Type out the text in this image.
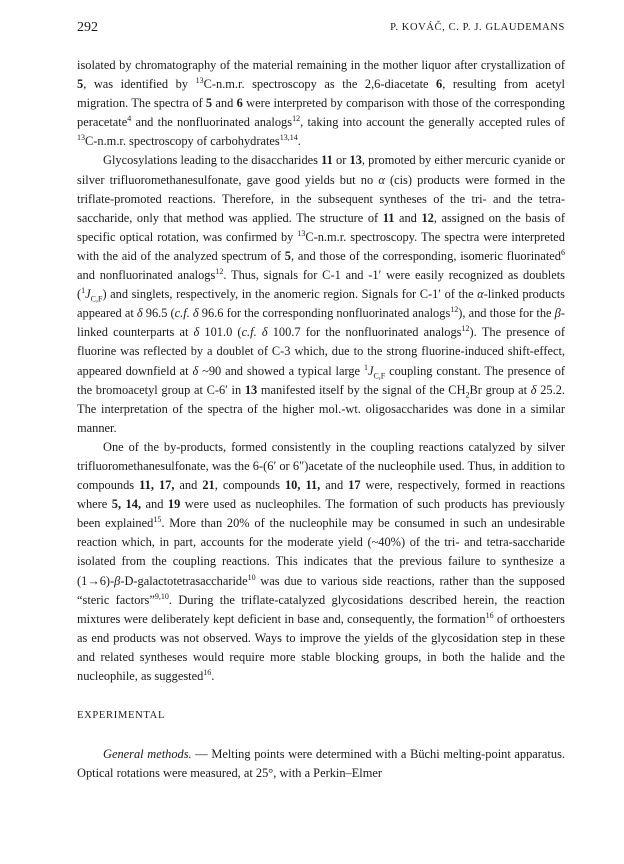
292	P. KOVÁČ, C. P. J. GLAUDEMANS

isolated by chromatography of the material remaining in the mother liquor after crystallization of 5, was identified by $^{13}$C-n.m.r. spectroscopy as the 2,6-diacetate 6, resulting from acetyl migration. The spectra of 5 and 6 were interpreted by comparison with those of the corresponding peracetate$^4$ and the nonfluorinated analogs$^{12}$, taking into account the generally accepted rules of $^{13}$C-n.m.r. spectroscopy of carbohydrates$^{13,14}$.

Glycosylations leading to the disaccharides 11 or 13, promoted by either mercuric cyanide or silver trifluoromethanesulfonate, gave good yields but no α (cis) products were formed in the triflate-promoted reactions. Therefore, in the subsequent syntheses of the tri- and the tetra-saccharide, only that method was applied. The structure of 11 and 12, assigned on the basis of specific optical rotation, was confirmed by $^{13}$C-n.m.r. spectroscopy. The spectra were interpreted with the aid of the analyzed spectrum of 5, and those of the corresponding, isomeric fluorinated$^6$ and nonfluorinated analogs$^{12}$. Thus, signals for C-1 and -1′ were easily recognized as doublets $(^1J_{C,F})$ and singlets, respectively, in the anomeric region. Signals for C-1′ of the α-linked products appeared at δ 96.5 (c.f. δ 96.6 for the corresponding nonfluorinated analogs$^{12}$), and those for the β-linked counterparts at δ 101.0 (c.f. δ 100.7 for the nonfluorinated analogs$^{12}$). The presence of fluorine was reflected by a doublet of C-3 which, due to the strong fluorine-induced shift-effect, appeared downfield at δ ~90 and showed a typical large $^1J_{C,F}$ coupling constant. The presence of the bromoacetyl group at C-6′ in 13 manifested itself by the signal of the $CH_2Br$ group at δ 25.2. The interpretation of the spectra of the higher mol.-wt. oligosaccharides was done in a similar manner.

One of the by-products, formed consistently in the coupling reactions catalyzed by silver trifluoromethanesulfonate, was the 6-(6′ or 6″)acetate of the nucleophile used. Thus, in addition to compounds 11, 17, and 21, compounds 10, 11, and 17 were, respectively, formed in reactions where 5, 14, and 19 were used as nucleophiles. The formation of such products has previously been explained$^{15}$. More than 20% of the nucleophile may be consumed in such an undesirable reaction which, in part, accounts for the moderate yield (~40%) of the tri- and tetra-saccharide isolated from the coupling reactions. This indicates that the previous failure to synthesize a (1→6)-β-D-galactotetrasaccharide$^{10}$ was due to various side reactions, rather than the supposed “steric factors”$^{9,10}$. During the triflate-catalyzed glycosidations described herein, the reaction mixtures were deliberately kept deficient in base and, consequently, the formation$^{16}$ of orthoesters as end products was not observed. Ways to improve the yields of the glycosidation step in these and related syntheses would require more stable blocking groups, in both the halide and the nucleophile, as suggested$^{16}$.

EXPERIMENTAL

General methods. — Melting points were determined with a Büchi melting-point apparatus. Optical rotations were measured, at 25°, with a Perkin–Elmer
